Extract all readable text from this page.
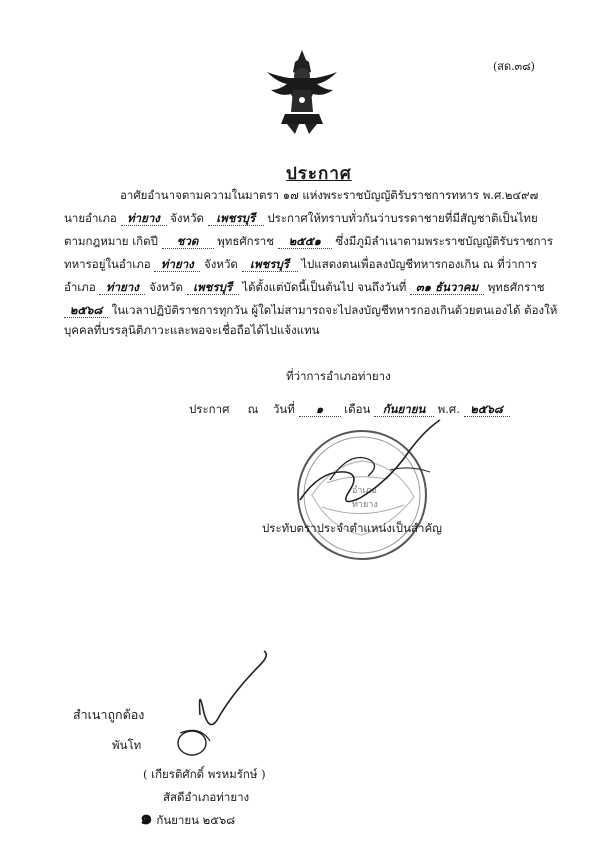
(สด.๓๘)
ประกาศ
อาศัยอำนาจตามความในมาตรา ๑๗ แห่งพระราชบัญญัติรับราชการทหาร พ.ศ.๒๔๙๗
นายอำเภอ ท่ายาง จังหวัด เพชรบุรี ประกาศให้ทราบทั่วกันว่าบรรดาชายที่มีสัญชาติเป็นไทย
ตามกฎหมาย เกิดปี ชวด พุทธศักราช ๒๕๕๑ ซึ่งมีภูมิลำเนาตามพระราชบัญญัติรับราชการ
ทหารอยู่ในอำเภอ ท่ายาง จังหวัด เพชรบุรี ไปแสดงตนเพื่อลงบัญชีทหารกองเกิน ณ ที่ว่าการ
อำเภอ ท่ายาง จังหวัด เพชรบุรี ได้ตั้งแต่บัดนี้เป็นต้นไป จนถึงวันที่ ๓๑ ธันวาคม พุทธศักราช
๒๕๖๘ ในเวลาปฏิบัติราชการทุกวัน ผู้ใดไม่สามารถจะไปลงบัญชีทหารกองเกินด้วยตนเองได้ ต้องให้
บุคคลที่บรรลุนิติภาวะและพอจะเชื่อถือได้ไปแจ้งแทน
ที่ว่าการอำเภอท่ายาง
ประกาศ ณ วันที่ ๑ เดือน กันยายน พ.ศ. ๒๕๖๘
อำเภอ
ท่ายาง
ประทับตราประจำตำแหน่งเป็นสำคัญ
สำเนาถูกต้อง
พันโท
( เกียรติศักดิ์ พรหมรักษ์ )
สัสดีอำเภอท่ายาง
๑ กันยายน ๒๕๖๘
